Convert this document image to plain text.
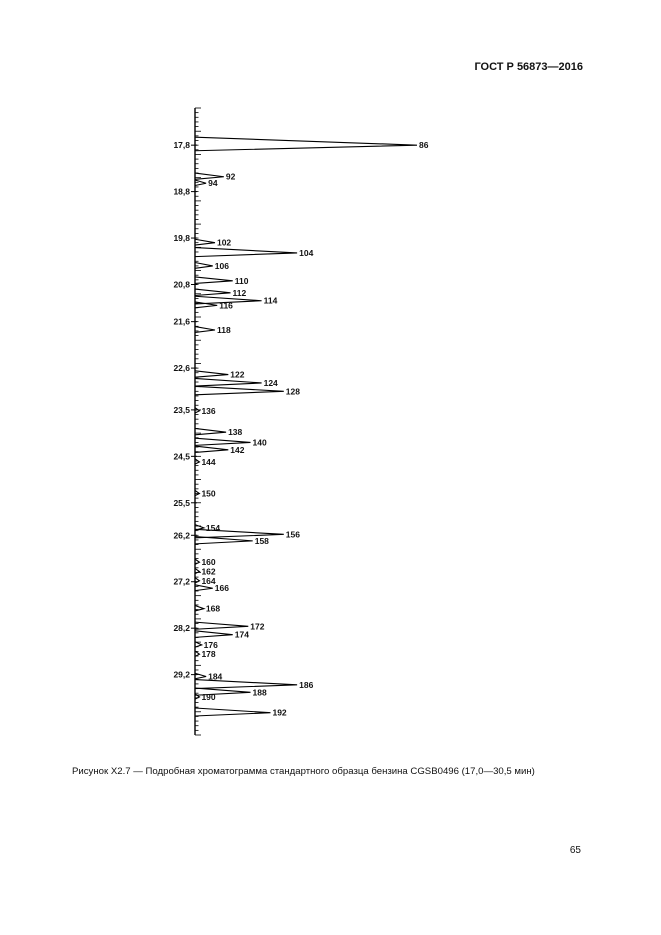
ГОСТ Р 56873—2016
86
92
94
102
104
106
110
112
114
116
118
122
124
128
136
138
140
142
144
150
154
156
158
160
162
164
166
168
172
174
176
178
184
186
188
190
192
17,8
18,8
19,8
20,8
21,6
22,6
23,5
24,5
25,5
26,2
27,2
28,2
29,2
Рисунок Х2.7 — Подробная хроматограмма стандартного образца бензина CGSB0496 (17,0—30,5 мин)
65
